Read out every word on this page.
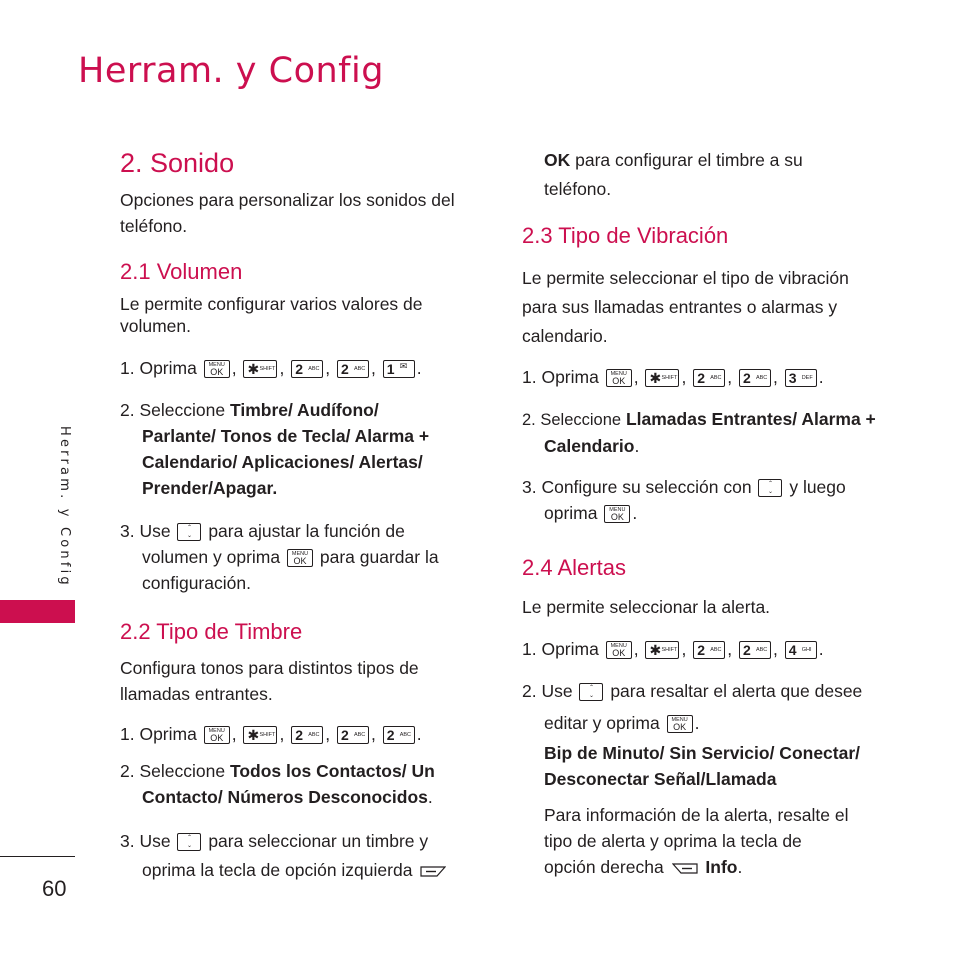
Herram. y Config
Herram. y Config
60
2. Sonido

Opciones para personalizar los sonidos del teléfono.

2.1 Volumen

Le permite configurar varios valores de volumen.

1. Oprima	MENU
OK , ✱ SHIFT , 2 ABC , 2 ABC , 1 ✉ .

2. Seleccione Timbre/ Audífono/
Parlante/ Tonos de Tecla/ Alarma +
Calendario/ Aplicaciones/ Alertas/
Prender/Apagar.
3. Use	⌃
⌄ para ajustar la función de
volumen y oprima	MENU
OK para guardar la
configuración.
2.2 Tipo de Timbre

Configura tonos para distintos tipos de llamadas entrantes.

1. Oprima	MENU
OK , ✱ SHIFT , 2 ABC , 2 ABC , 2 ABC .

2. Seleccione Todos los Contactos/ Un
Contacto/ Números Desconocidos.
3. Use	⌃
⌄ para seleccionar un timbre y
oprima la tecla de opción izquierda
OK para configurar el timbre a su
teléfono.
2.3 Tipo de Vibración

Le permite seleccionar el tipo de vibración para sus llamadas entrantes o alarmas y calendario.

1. Oprima	MENU
OK , ✱ SHIFT , 2 ABC , 2 ABC , 3 DEF .

2. Seleccione Llamadas Entrantes/ Alarma +
Calendario.
3. Configure su selección con	⌃
⌄ y luego
oprima	MENU
OK .
2.4 Alertas

Le permite seleccionar la alerta.

1. Oprima	MENU
OK , ✱ SHIFT , 2 ABC , 2 ABC , 4 GHI .

2. Use	⌃
⌄ para resaltar el alerta que desee
editar y oprima	MENU
OK .
Bip de Minuto/ Sin Servicio/ Conectar/
Desconectar Señal/Llamada
Para información de la alerta, resalte el
tipo de alerta y oprima la tecla de
opción derecha Info.
